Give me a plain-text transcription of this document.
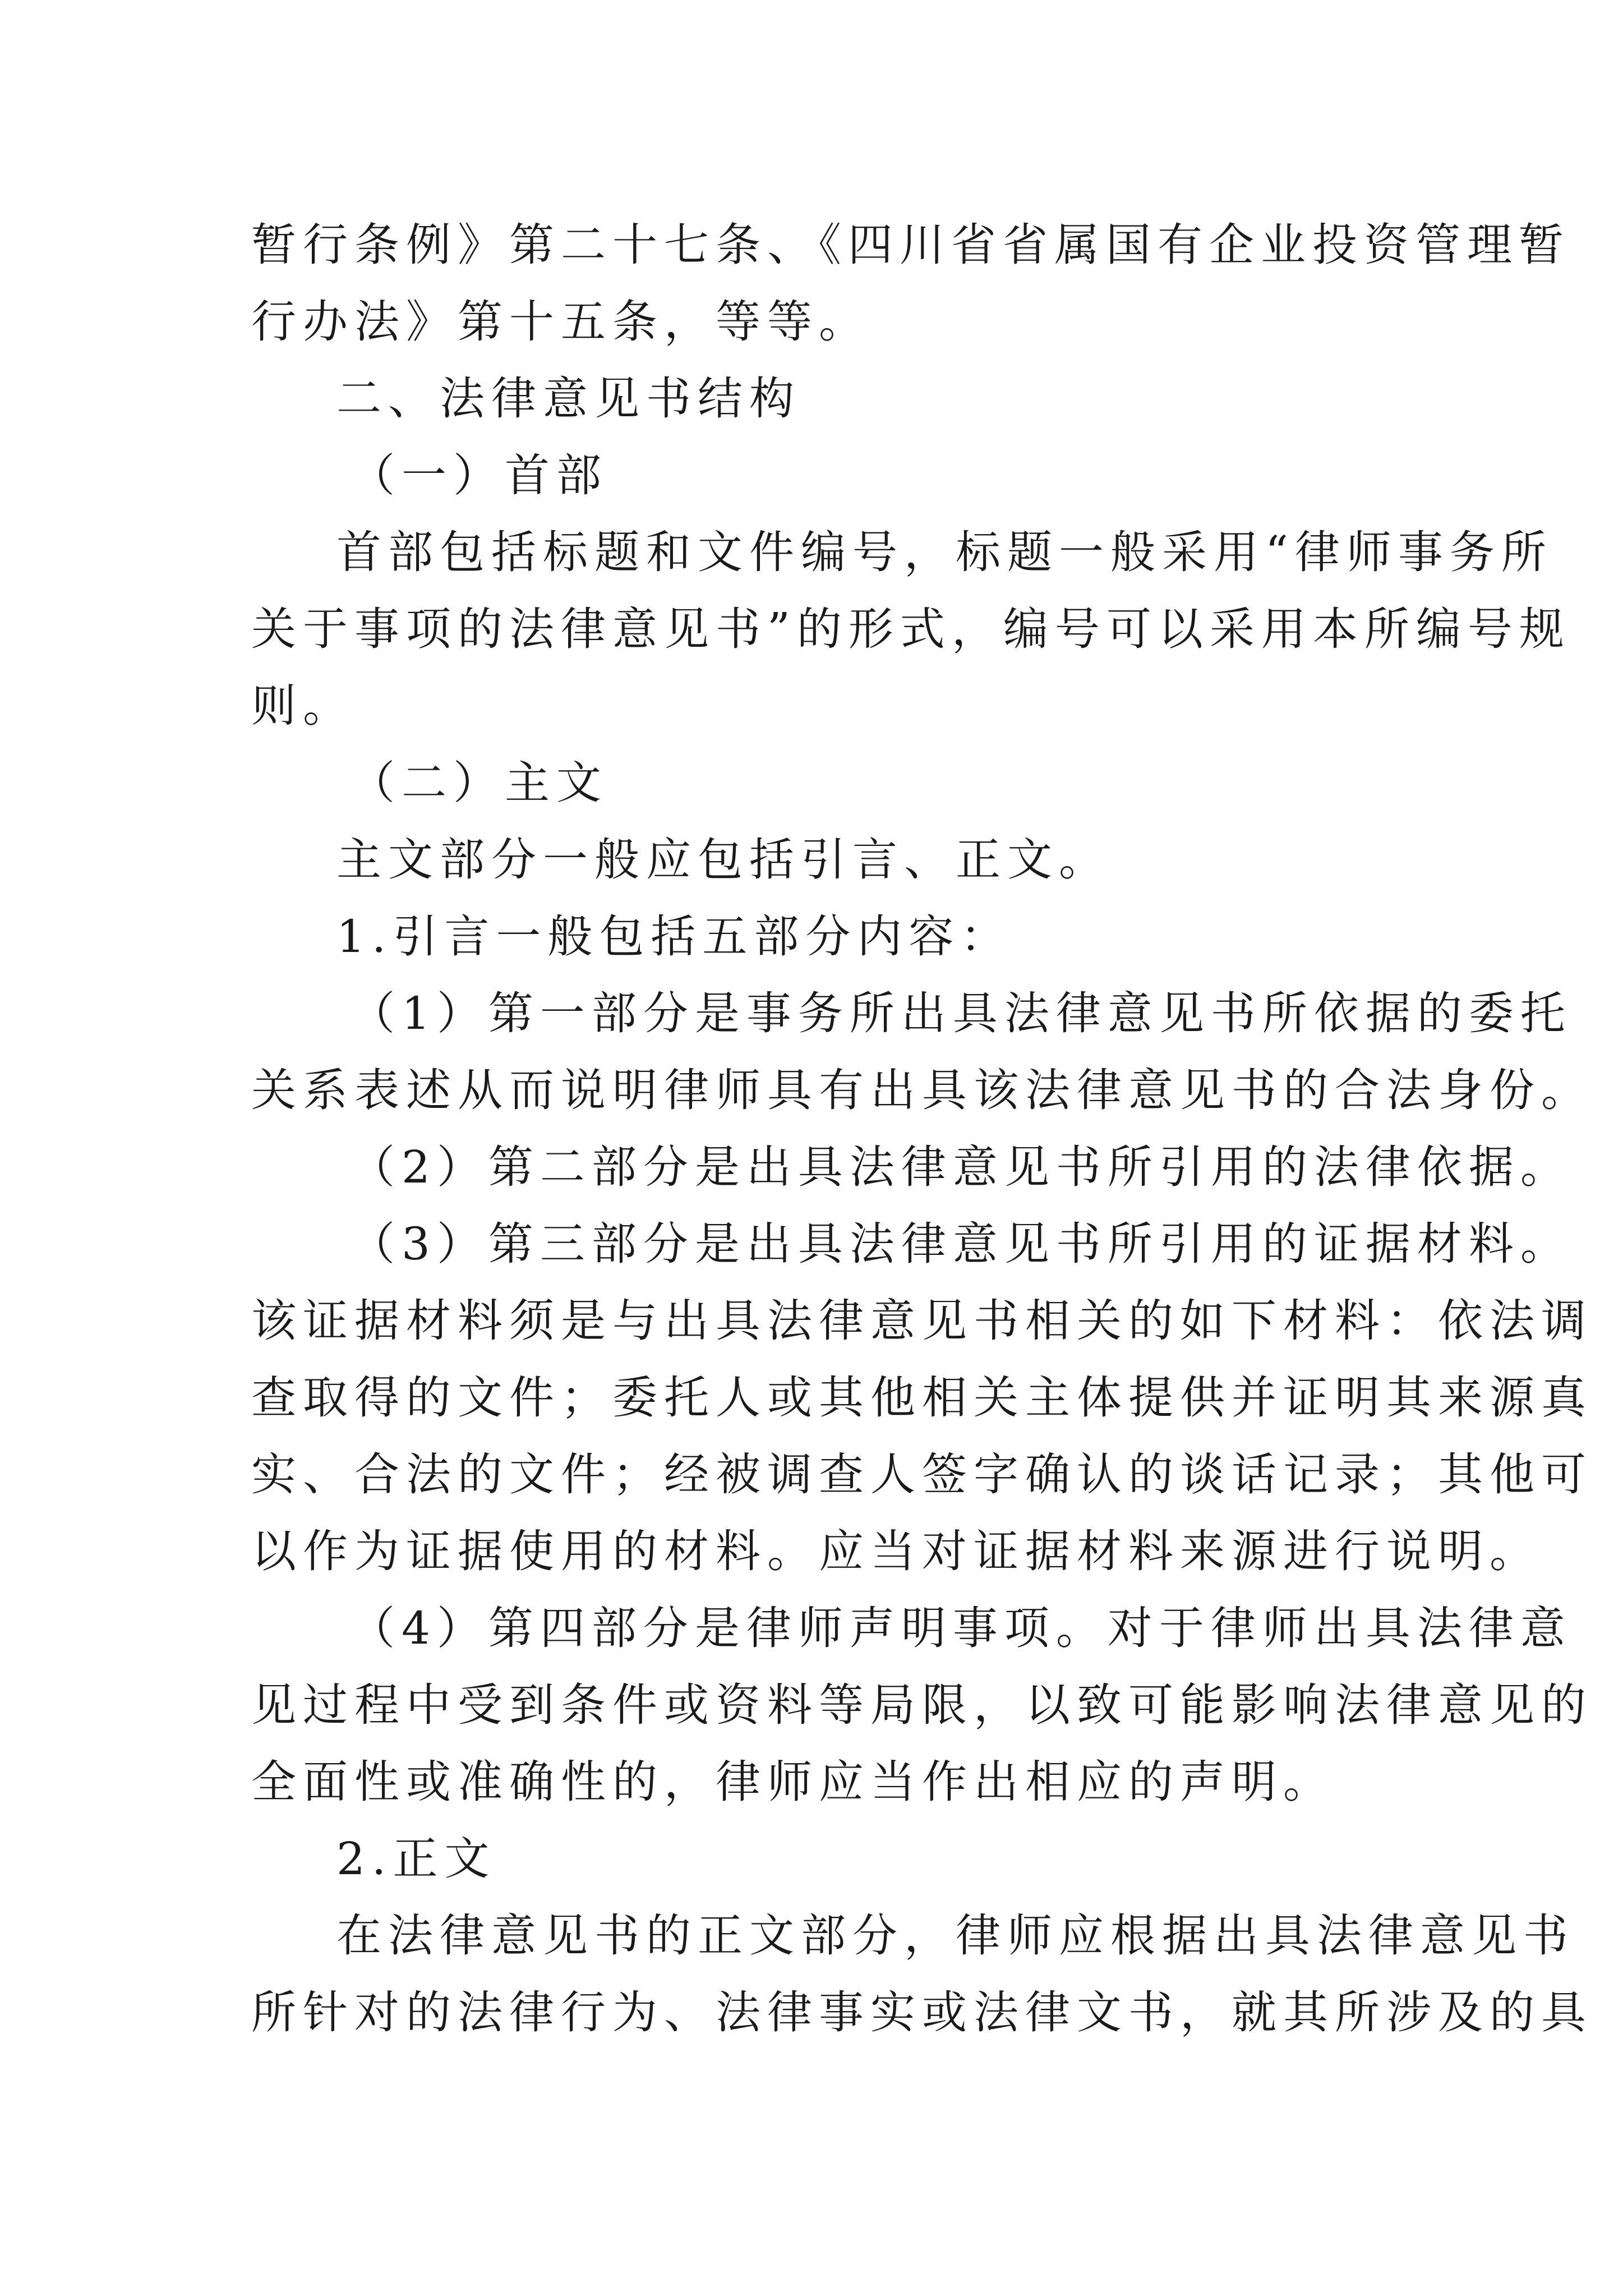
暂行条例》第二十七条、《四川省省属国有企业投资管理暂
行办法》第十五条，等等。
二、法律意见书结构
（一）首部
首部包括标题和文件编号，标题一般采用“律师事务所
关于事项的法律意见书”的形式，编号可以采用本所编号规
则。
（二）主文
主文部分一般应包括引言、正文。
1.引言一般包括五部分内容：
（1）第一部分是事务所出具法律意见书所依据的委托
关系表述从而说明律师具有出具该法律意见书的合法身份。
（2）第二部分是出具法律意见书所引用的法律依据。
（3）第三部分是出具法律意见书所引用的证据材料。
该证据材料须是与出具法律意见书相关的如下材料：依法调
查取得的文件；委托人或其他相关主体提供并证明其来源真
实、合法的文件；经被调查人签字确认的谈话记录；其他可
以作为证据使用的材料。应当对证据材料来源进行说明。
（4）第四部分是律师声明事项。对于律师出具法律意
见过程中受到条件或资料等局限，以致可能影响法律意见的
全面性或准确性的，律师应当作出相应的声明。
2.正文
在法律意见书的正文部分，律师应根据出具法律意见书
所针对的法律行为、法律事实或法律文书，就其所涉及的具
